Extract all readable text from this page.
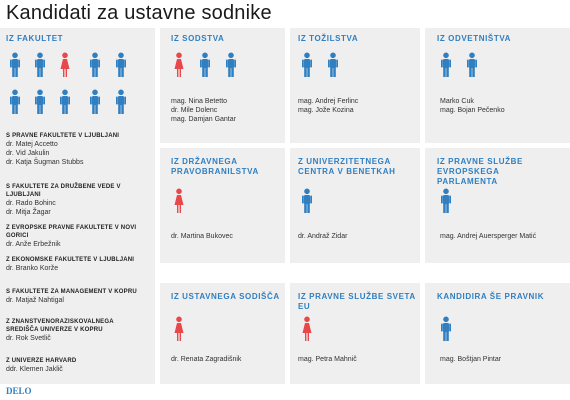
Kandidati za ustavne sodnike
IZ FAKULTET
S PRAVNE FAKULTETE V LJUBLJANI
dr. Matej Accetto
dr. Vid Jakulin
dr. Katja Šugman Stubbs
S FAKULTETE ZA DRUŽBENE VEDE V LJUBLJANI
dr. Rado Bohinc
dr. Mitja Žagar
Z EVROPSKE PRAVNE FAKULTETE V NOVI GORICI
dr. Anže Erbežnik
Z EKONOMSKE FAKULTETE V LJUBLJANI
dr. Branko Korže
S FAKULTETE ZA MANAGEMENT V KOPRU
dr. Matjaž Nahtigal
Z ZNANSTVENORAZISKOVALNEGA SREDIŠČA UNIVERZE V KOPRU
dr. Rok Svetlič
Z UNIVERZE HARVARD
ddr. Klemen Jaklič
DELO
IZ SODSTVA	IZ TOŽILSTVA	IZ ODVETNIŠTVA
IZ DRŽAVNEGA PRAVOBRANILSTVA
Z UNIVERZITETNEGA CENTRA V BENETKAH
IZ PRAVNE SLUŽBE EVROPSKEGA PARLAMENTA
IZ USTAVNEGA SODIŠČA IZ PRAVNE SLUŽBE SVETA EU
KANDIDIRA ŠE PRAVNIK
mag. Nina Betetto
dr. Mile Dolenc
mag. Damjan Gantar
mag. Andrej Ferlinc
mag. Jože Kozina
Marko Cuk
mag. Bojan Pečenko
dr. Martina Bukovec	dr. Andraž Zidar	mag. Andrej Auersperger Matić
dr. Renata Zagradišnik	mag. Petra Mahnič	mag. Boštjan Pintar
